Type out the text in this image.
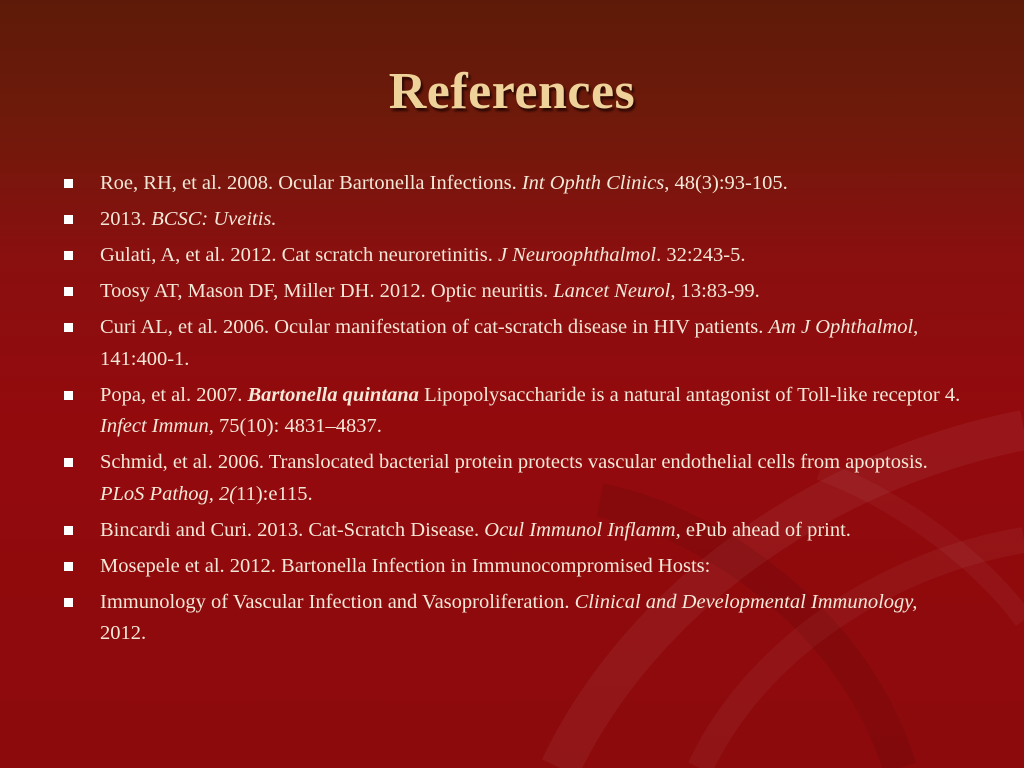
References
Roe, RH, et al. 2008. Ocular Bartonella Infections. Int Ophth Clinics, 48(3):93-105.
2013. BCSC: Uveitis.
Gulati, A, et al. 2012. Cat scratch neuroretinitis. J Neuroophthalmol. 32:243-5.
Toosy AT, Mason DF, Miller DH. 2012. Optic neuritis. Lancet Neurol, 13:83-99.
Curi AL, et al. 2006. Ocular manifestation of cat-scratch disease in HIV patients. Am J Ophthalmol, 141:400-1.
Popa, et al. 2007. Bartonella quintana Lipopolysaccharide is a natural antagonist of Toll-like receptor 4. Infect Immun, 75(10): 4831–4837.
Schmid, et al. 2006. Translocated bacterial protein protects vascular endothelial cells from apoptosis. PLoS Pathog, 2(11):e115.
Bincardi and Curi. 2013. Cat-Scratch Disease. Ocul Immunol Inflamm, ePub ahead of print.
Mosepele et al. 2012. Bartonella Infection in Immunocompromised Hosts:
Immunology of Vascular Infection and Vasoproliferation. Clinical and Developmental Immunology, 2012.
